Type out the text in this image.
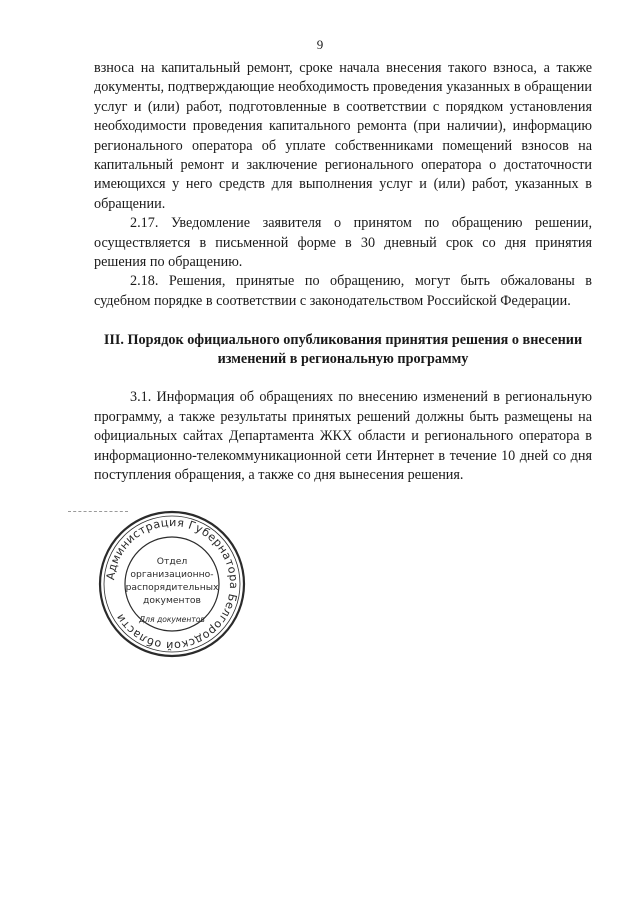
9

взноса на капитальный ремонт, сроке начала внесения такого взноса, а также документы, подтверждающие необходимость проведения указанных в обращении услуг и (или) работ, подготовленные в соответствии с порядком установления необходимости проведения капитального ремонта (при наличии), информацию регионального оператора об уплате собственниками помещений взносов на капитальный ремонт и заключение регионального оператора о достаточности имеющихся у него средств для выполнения услуг и (или) работ, указанных в обращении.

2.17. Уведомление заявителя о принятом по обращению решении, осуществляется в письменной форме в 30 дневный срок со дня принятия решения по обращению.

2.18. Решения, принятые по обращению, могут быть обжалованы в судебном порядке в соответствии с законодательством Российской Федерации.

III. Порядок официального опубликования принятия решения о внесении изменений в региональную программу

3.1. Информация об обращениях по внесению изменений в региональную программу, а также результаты принятых решений должны быть размещены на официальных сайтах Департамента ЖКХ области и регионального оператора в информационно-телекоммуникационной сети Интернет в течение 10 дней со дня поступления обращения, а также со дня вынесения решения.

Администрация Губернатора Белгородской области
Отдел
организационно-
распорядительных
документов
Для документов
